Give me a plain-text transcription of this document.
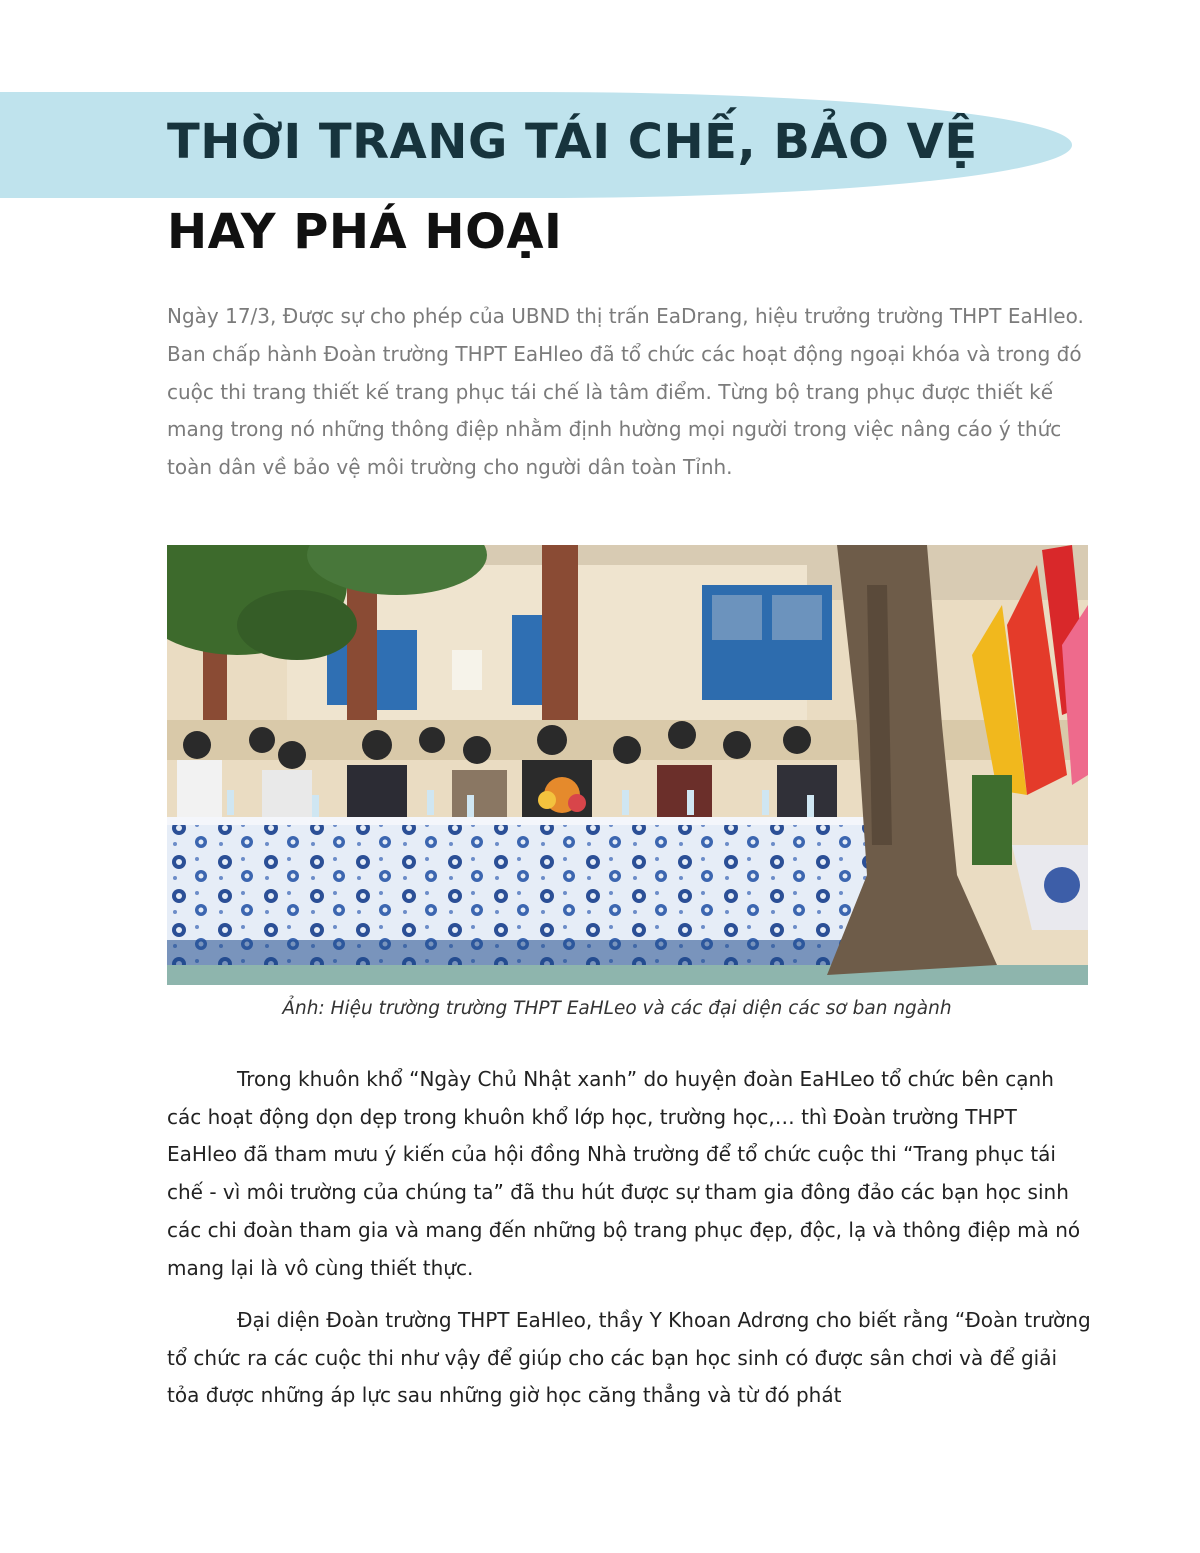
THỜI TRANG TÁI CHẾ, BẢO VỆ
HAY PHÁ HOẠI

Ngày 17/3, Được sự cho phép của UBND thị trấn EaDrang, hiệu trưởng trường THPT EaHleo. Ban chấp hành Đoàn trường THPT EaHleo đã tổ chức các hoạt động ngoại khóa và trong đó cuộc thi trang thiết kế trang phục tái chế là tâm điểm. Từng bộ trang phục được thiết kế mang trong nó những thông điệp nhằm định hường mọi người trong việc nâng cáo ý thức toàn dân về bảo vệ môi trường cho người dân toàn Tỉnh.

Ảnh: Hiệu trường trường THPT EaHLeo và các đại diện các sơ ban ngành

Trong khuôn khổ “Ngày Chủ Nhật xanh” do huyện đoàn EaHLeo tổ chức bên cạnh các hoạt động dọn dẹp trong khuôn khổ lớp học, trường học,… thì Đoàn trường THPT EaHleo đã tham mưu ý kiến của hội đồng Nhà trường để tổ chức cuộc thi “Trang phục tái chế - vì môi trường của chúng ta” đã thu hút được sự tham gia đông đảo các bạn học sinh các chi đoàn tham gia và mang đến những bộ trang phục đẹp, độc, lạ và thông điệp mà nó mang lại là vô cùng thiết thực.

Đại diện Đoàn trường THPT EaHleo, thầy Y Khoan Adrơng cho biết rằng “Đoàn trường tổ chức ra các cuộc thi như vậy để giúp cho các bạn học sinh có được sân chơi và để giải tỏa được những áp lực sau những giờ học căng thẳng và từ đó phát
